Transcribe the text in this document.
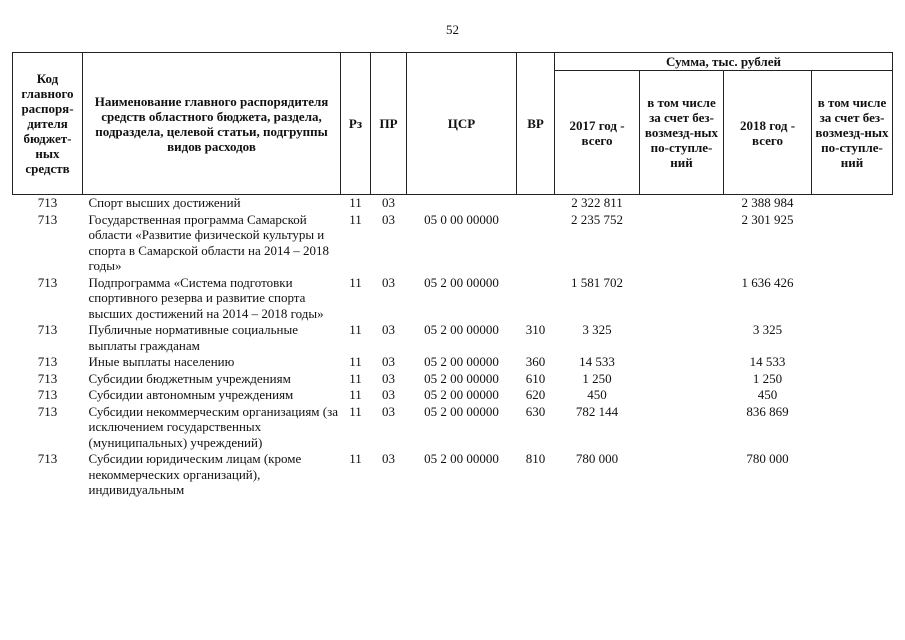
52
Код главного распоря-дителя бюджет-ных средств	Наименование главного распорядителя средств областного бюджета, раздела, подраздела, целевой статьи, подгруппы видов расходов	Рз	ПР	ЦСР	ВР	Сумма, тыс. рублей			
						2017 год - всего	в том числе за счет без-возмезд-ных по-ступле-ний	2018 год - всего	в том числе за счет без-возмезд-ных по-ступле-ний
713	Спорт высших достижений	11	03			2 322 811		2 388 984	
713	Государственная программа Самарской области «Развитие физической культуры и спорта в Самарской области на 2014 – 2018 годы»	11	03	05 0 00 00000		2 235 752		2 301 925	
713	Подпрограмма «Система подготовки спортивного резерва и развитие спорта высших достижений на 2014 – 2018 годы»	11	03	05 2 00 00000		1 581 702		1 636 426	
713	Публичные нормативные социальные выплаты гражданам	11	03	05 2 00 00000	310	3 325		3 325	
713	Иные выплаты населению	11	03	05 2 00 00000	360	14 533		14 533	
713	Субсидии бюджетным учреждениям	11	03	05 2 00 00000	610	1 250		1 250	
713	Субсидии автономным учреждениям	11	03	05 2 00 00000	620	450		450	
713	Субсидии некоммерческим организациям (за исключением государственных (муниципальных) учреждений)	11	03	05 2 00 00000	630	782 144		836 869	
713	Субсидии юридическим лицам (кроме некоммерческих организаций), индивидуальным	11	03	05 2 00 00000	810	780 000		780 000	
